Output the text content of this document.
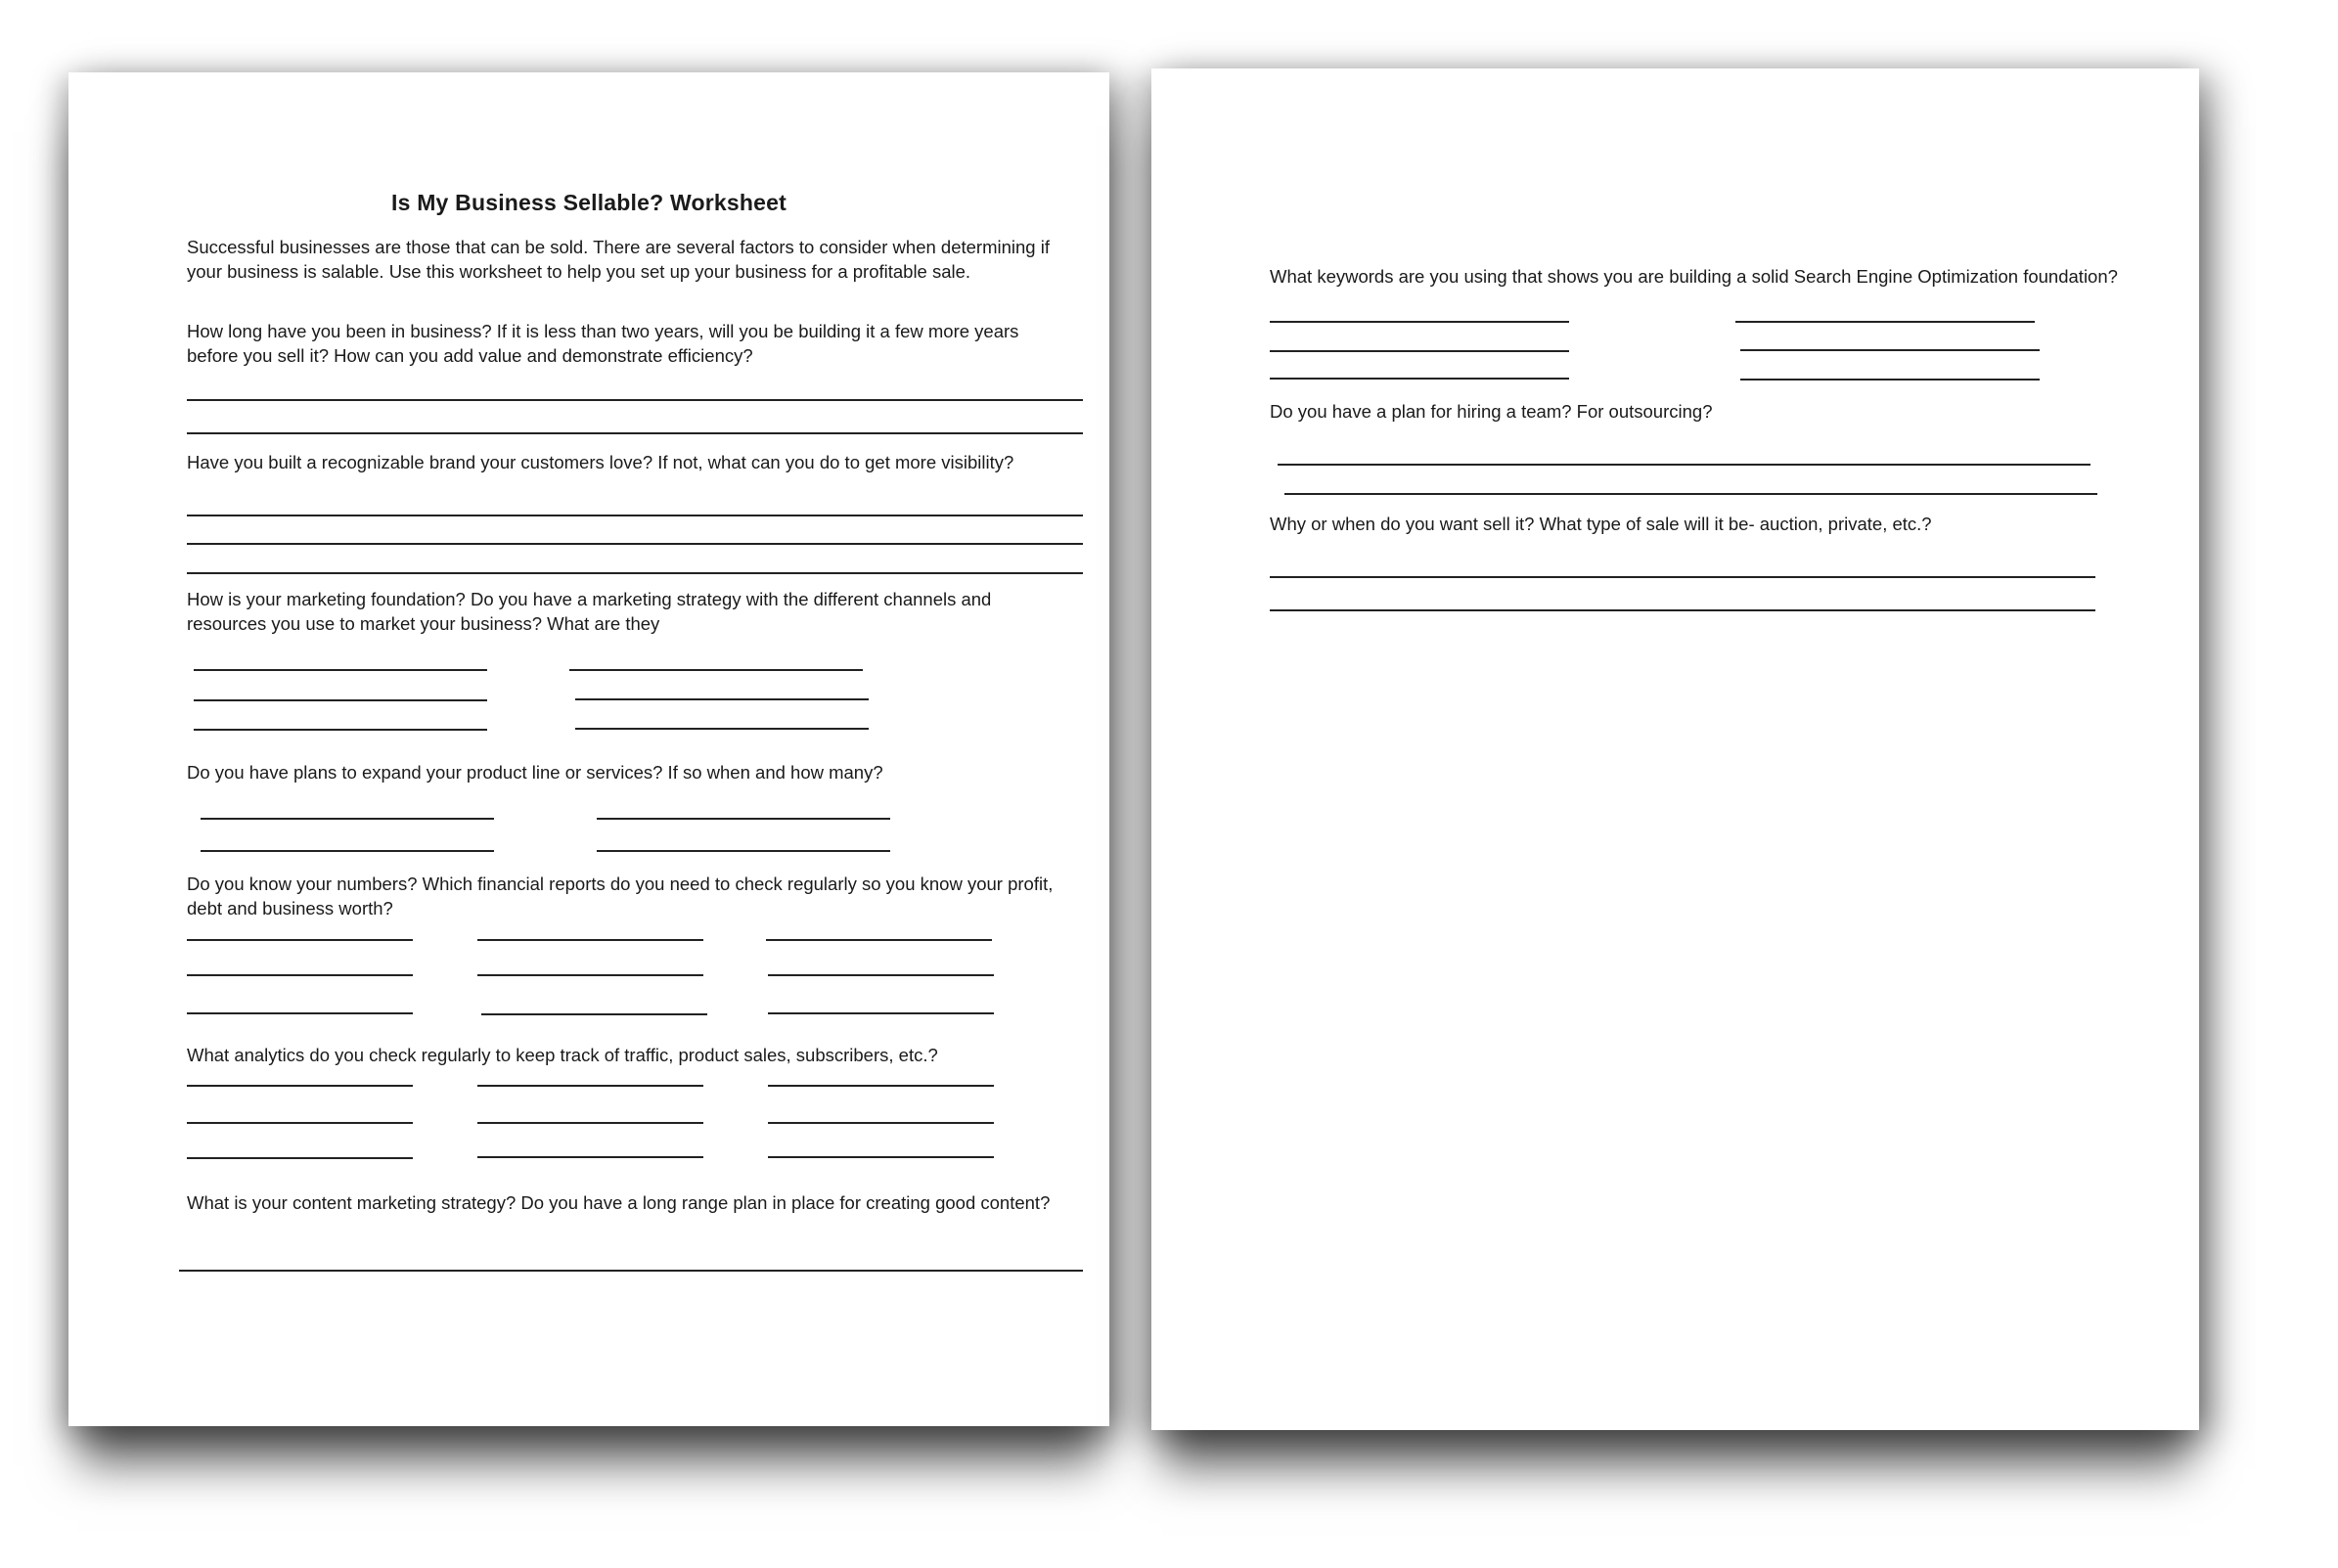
Is My Business Sellable? Worksheet

Successful businesses are those that can be sold. There are several factors to consider when determining if your business is salable. Use this worksheet to help you set up your business for a profitable sale.

How long have you been in business? If it is less than two years, will you be building it a few more years before you sell it? How can you add value and demonstrate efficiency?

Have you built a recognizable brand your customers love? If not, what can you do to get more visibility?

How is your marketing foundation? Do you have a marketing strategy with the different channels and resources you use to market your business? What are they

Do you have plans to expand your product line or services? If so when and how many?

Do you know your numbers? Which financial reports do you need to check regularly so you know your profit, debt and business worth?

What analytics do you check regularly to keep track of traffic, product sales, subscribers, etc.?

What is your content marketing strategy? Do you have a long range plan in place for creating good content?

What keywords are you using that shows you are building a solid Search Engine Optimization foundation?

Do you have a plan for hiring a team? For outsourcing?

Why or when do you want sell it? What type of sale will it be- auction, private, etc.?
